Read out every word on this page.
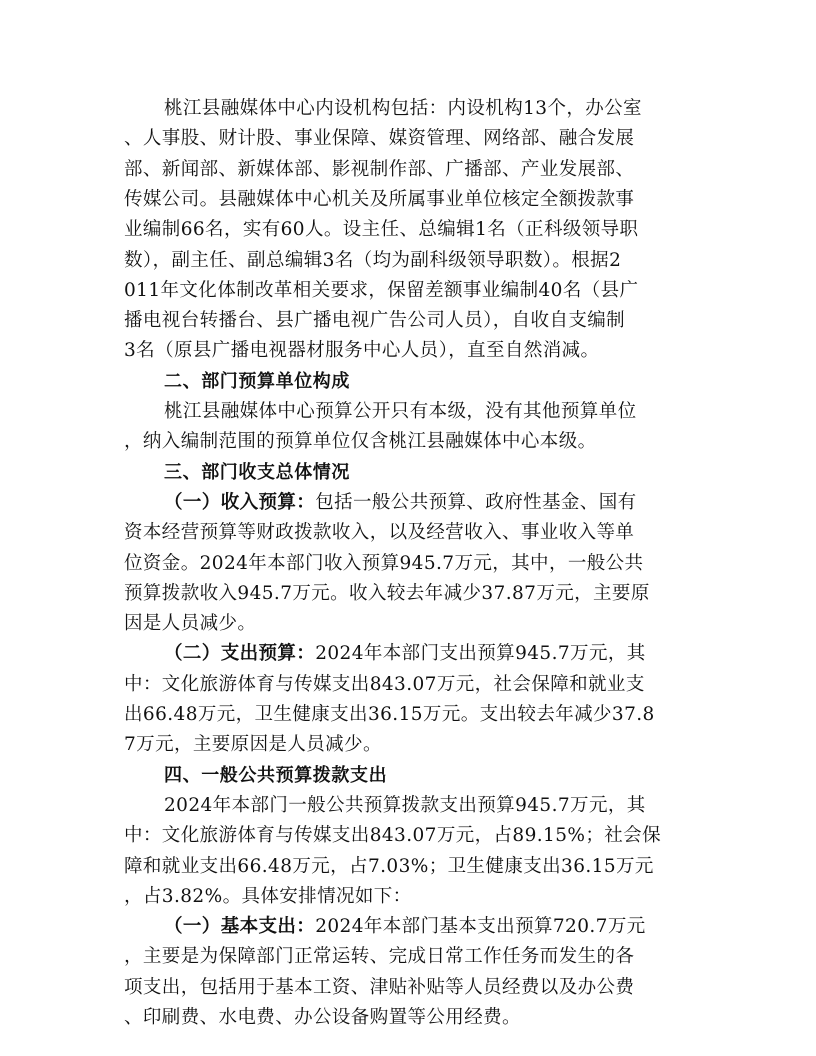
桃江县融媒体中心内设机构包括：内设机构13个，办公室
、人事股、财计股、事业保障、媒资管理、网络部、融合发展
部、新闻部、新媒体部、影视制作部、广播部、产业发展部、
传媒公司。县融媒体中心机关及所属事业单位核定全额拨款事
业编制66名，实有60人。设主任、总编辑1名（正科级领导职
数），副主任、副总编辑3名（均为副科级领导职数）。根据2
011年文化体制改革相关要求，保留差额事业编制40名（县广
播电视台转播台、县广播电视广告公司人员），自收自支编制
3名（原县广播电视器材服务中心人员），直至自然消减。
二、部门预算单位构成
桃江县融媒体中心预算公开只有本级，没有其他预算单位
，纳入编制范围的预算单位仅含桃江县融媒体中心本级。
三、部门收支总体情况
（一）收入预算：包括一般公共预算、政府性基金、国有
资本经营预算等财政拨款收入，以及经营收入、事业收入等单
位资金。2024年本部门收入预算945.7万元，其中，一般公共
预算拨款收入945.7万元。收入较去年减少37.87万元，主要原
因是人员减少。
（二）支出预算：2024年本部门支出预算945.7万元，其
中：文化旅游体育与传媒支出843.07万元，社会保障和就业支
出66.48万元，卫生健康支出36.15万元。支出较去年减少37.8
7万元，主要原因是人员减少。
四、一般公共预算拨款支出
2024年本部门一般公共预算拨款支出预算945.7万元，其
中：文化旅游体育与传媒支出843.07万元，占89.15%；社会保
障和就业支出66.48万元，占7.03%；卫生健康支出36.15万元
，占3.82%。具体安排情况如下：
（一）基本支出：2024年本部门基本支出预算720.7万元
，主要是为保障部门正常运转、完成日常工作任务而发生的各
项支出，包括用于基本工资、津贴补贴等人员经费以及办公费
、印刷费、水电费、办公设备购置等公用经费。
